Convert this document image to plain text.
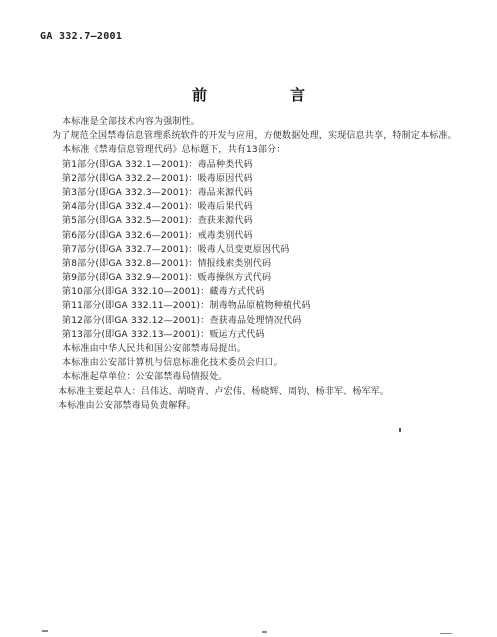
GA 332.7—2001
前　言
本标准是全部技术内容为强制性。
为了规范全国禁毒信息管理系统软件的开发与应用，方便数据处理，实现信息共享，特制定本标准。
本标准《禁毒信息管理代码》总标题下，共有13部分：
第1部分(即GA 332.1—2001)：毒品种类代码
第2部分(即GA 332.2—2001)：吸毒原因代码
第3部分(即GA 332.3—2001)：毒品来源代码
第4部分(即GA 332.4—2001)：吸毒后果代码
第5部分(即GA 332.5—2001)：查获来源代码
第6部分(即GA 332.6—2001)：戒毒类别代码
第7部分(即GA 332.7—2001)：吸毒人员变更原因代码
第8部分(即GA 332.8—2001)：情报线索类别代码
第9部分(即GA 332.9—2001)：贩毒操纵方式代码
第10部分(即GA 332.10—2001)：藏毒方式代码
第11部分(即GA 332.11—2001)：制毒物品原植物种植代码
第12部分(即GA 332.12—2001)：查获毒品处理情况代码
第13部分(即GA 332.13—2001)：贩运方式代码
本标准由中华人民共和国公安部禁毒局提出。
本标准由公安部计算机与信息标准化技术委员会归口。
本标准起草单位：公安部禁毒局情报处。
本标准主要起草人：吕伟达、胡晓青、卢宏伟、杨晓辉、周钧、杨非军、杨军军。
本标准由公安部禁毒局负责解释。
